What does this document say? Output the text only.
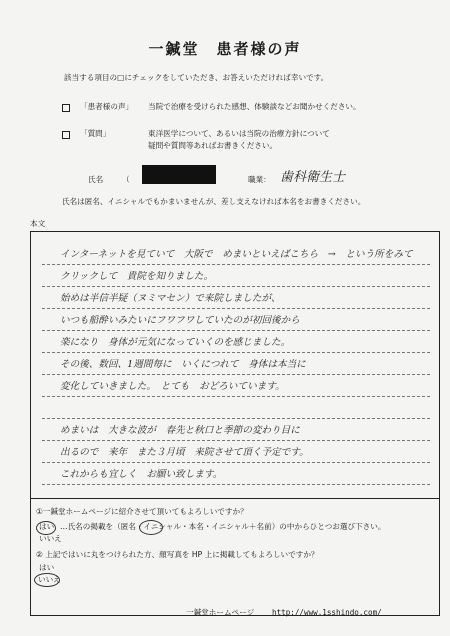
一鍼堂　患者様の声
該当する項目の□にチェックをしていただき、お答えいただければ幸いです。
「患者様の声」 当院で治療を受けられた感想、体験談などお聞かせください。
「質問」	東洋医学について、あるいは当院の治療方針について
疑問や質問等あればお書きください。
氏名 （	職業： 歯科衛生士
氏名は匿名、イニシャルでもかまいませんが、差し支えなければ本名をお書きください。
本文
インターネットを見ていて　大阪で　めまいといえばこちら　→　という所をみて
クリックして　貴院を知りました。
始めは半信半疑（ヌミマセン）で来院しましたが、
いつも船酔いみたいにフワフワしていたのが初回後から
楽になり　身体が元気になっていくのを感じました。
その後、数回、1週間毎に　いくにつれて　身体は本当に
変化していきました。　とても　おどろいています。
めまいは　大きな波が　春先と秋口と季節の変わり目に
出るので　来年　また３月頃　来院させて頂く予定です。
これからも宜しく　お願い致します。
①一鍼堂ホームページに紹介させて頂いてもよろしいですか？
はい …氏名の掲載を（匿名・イニシャル・本名・イニシャル＋名前）の中からひとつお選び下さい。
いいえ
② 上記ではいに丸をつけられた方、顔写真を HP 上に掲載してもよろしいですか？
はい
いいえ
一鍼堂ホームページ http://www.1sshindo.com/
